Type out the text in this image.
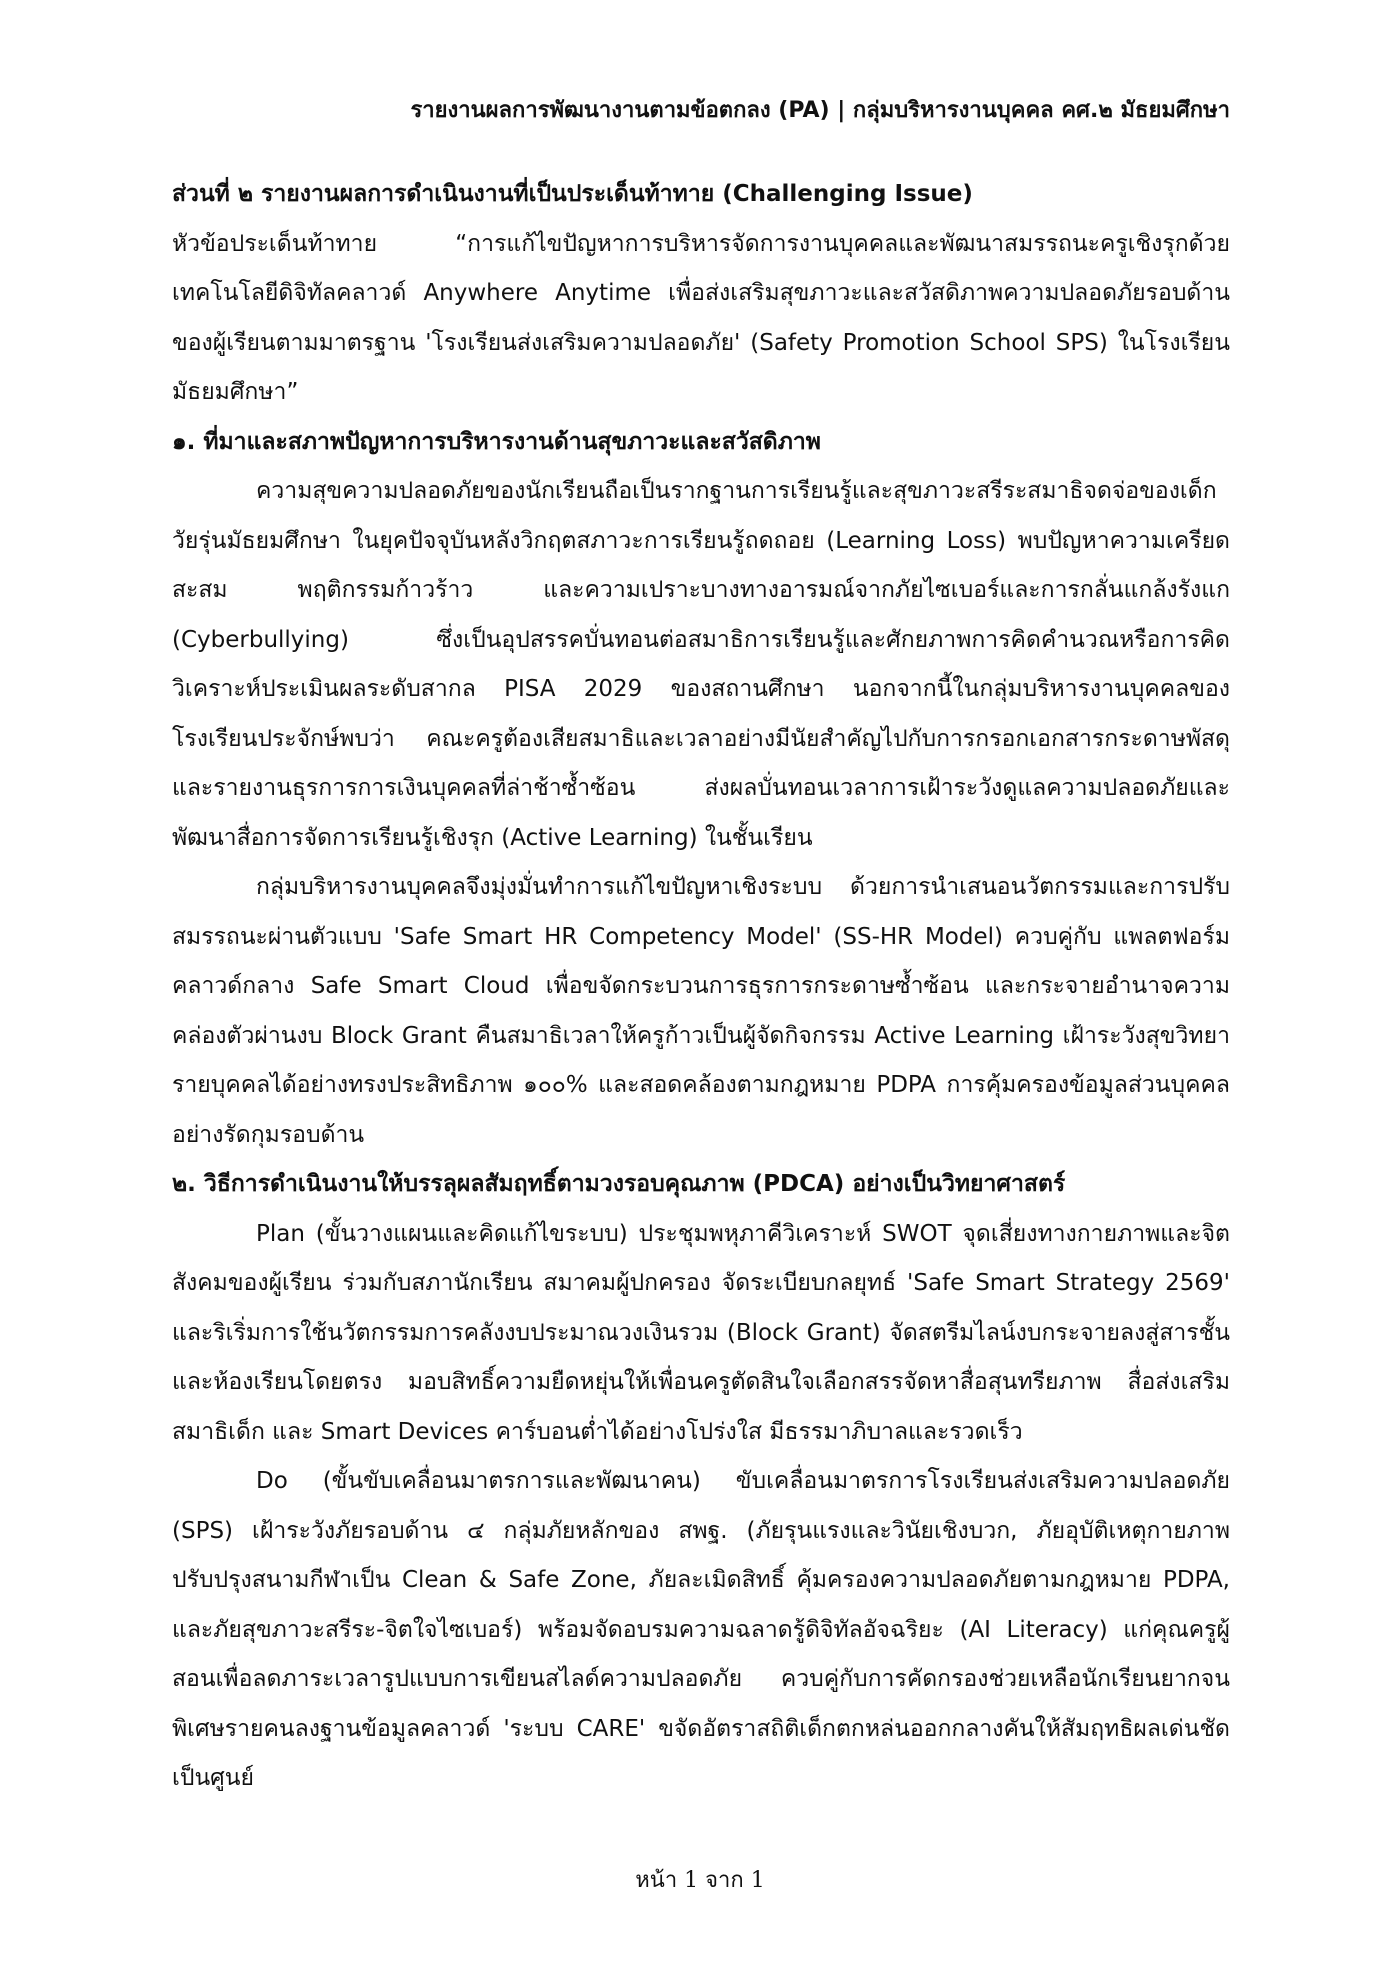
รายงานผลการพัฒนางานตามข้อตกลง (PA) | กลุ่มบริหารงานบุคคล คศ.๒ มัธยมศึกษา

ส่วนที่ ๒ รายงานผลการดำเนินงานที่เป็นประเด็นท้าทาย (Challenging Issue)

หัวข้อประเด็นท้าทาย “การแก้ไขปัญหาการบริหารจัดการงานบุคคลและพัฒนาสมรรถนะครูเชิงรุกด้วยเทคโนโลยีดิจิทัลคลาวด์ Anywhere Anytime เพื่อส่งเสริมสุขภาวะและสวัสดิภาพความปลอดภัยรอบด้านของผู้เรียนตามมาตรฐาน 'โรงเรียนส่งเสริมความปลอดภัย' (Safety Promotion School SPS) ในโรงเรียนมัธยมศึกษา”

๑. ที่มาและสภาพปัญหาการบริหารงานด้านสุขภาวะและสวัสดิภาพ

ความสุขความปลอดภัยของนักเรียนถือเป็นรากฐานการเรียนรู้และสุขภาวะสรีระสมาธิจดจ่อของเด็กวัยรุ่นมัธยมศึกษา ในยุคปัจจุบันหลังวิกฤตสภาวะการเรียนรู้ถดถอย (Learning Loss) พบปัญหาความเครียดสะสม พฤติกรรมก้าวร้าว และความเปราะบางทางอารมณ์จากภัยไซเบอร์และการกลั่นแกล้งรังแก (Cyberbullying) ซึ่งเป็นอุปสรรคบั่นทอนต่อสมาธิการเรียนรู้และศักยภาพการคิดคำนวณหรือการคิดวิเคราะห์ประเมินผลระดับสากล PISA 2029 ของสถานศึกษา นอกจากนี้ในกลุ่มบริหารงานบุคคลของโรงเรียนประจักษ์พบว่า คณะครูต้องเสียสมาธิและเวลาอย่างมีนัยสำคัญไปกับการกรอกเอกสารกระดาษพัสดุและรายงานธุรการการเงินบุคคลที่ล่าช้าซ้ำซ้อน ส่งผลบั่นทอนเวลาการเฝ้าระวังดูแลความปลอดภัยและพัฒนาสื่อการจัดการเรียนรู้เชิงรุก (Active Learning) ในชั้นเรียน

กลุ่มบริหารงานบุคคลจึงมุ่งมั่นทำการแก้ไขปัญหาเชิงระบบ ด้วยการนำเสนอนวัตกรรมและการปรับสมรรถนะผ่านตัวแบบ 'Safe Smart HR Competency Model' (SS-HR Model) ควบคู่กับ แพลตฟอร์มคลาวด์กลาง Safe Smart Cloud เพื่อขจัดกระบวนการธุรการกระดาษซ้ำซ้อน และกระจายอำนาจความคล่องตัวผ่านงบ Block Grant คืนสมาธิเวลาให้ครูก้าวเป็นผู้จัดกิจกรรม Active Learning เฝ้าระวังสุขวิทยารายบุคคลได้อย่างทรงประสิทธิภาพ ๑๐๐% และสอดคล้องตามกฎหมาย PDPA การคุ้มครองข้อมูลส่วนบุคคลอย่างรัดกุมรอบด้าน

๒. วิธีการดำเนินงานให้บรรลุผลสัมฤทธิ์ตามวงรอบคุณภาพ (PDCA) อย่างเป็นวิทยาศาสตร์

Plan (ขั้นวางแผนและคิดแก้ไขระบบ) ประชุมพหุภาคีวิเคราะห์ SWOT จุดเสี่ยงทางกายภาพและจิตสังคมของผู้เรียน ร่วมกับสภานักเรียน สมาคมผู้ปกครอง จัดระเบียบกลยุทธ์ 'Safe Smart Strategy 2569' และริเริ่มการใช้นวัตกรรมการคลังงบประมาณวงเงินรวม (Block Grant) จัดสตรีมไลน์งบกระจายลงสู่สารชั้นและห้องเรียนโดยตรง มอบสิทธิ์ความยืดหยุ่นให้เพื่อนครูตัดสินใจเลือกสรรจัดหาสื่อสุนทรียภาพ สื่อส่งเสริมสมาธิเด็ก และ Smart Devices คาร์บอนต่ำได้อย่างโปร่งใส มีธรรมาภิบาลและรวดเร็ว

Do (ขั้นขับเคลื่อนมาตรการและพัฒนาคน) ขับเคลื่อนมาตรการโรงเรียนส่งเสริมความปลอดภัย (SPS) เฝ้าระวังภัยรอบด้าน ๔ กลุ่มภัยหลักของ สพฐ. (ภัยรุนแรงและวินัยเชิงบวก, ภัยอุบัติเหตุกายภาพปรับปรุงสนามกีฬาเป็น Clean & Safe Zone, ภัยละเมิดสิทธิ์ คุ้มครองความปลอดภัยตามกฎหมาย PDPA, และภัยสุขภาวะสรีระ-จิตใจไซเบอร์) พร้อมจัดอบรมความฉลาดรู้ดิจิทัลอัจฉริยะ (AI Literacy) แก่คุณครูผู้สอนเพื่อลดภาระเวลารูปแบบการเขียนสไลด์ความปลอดภัย ควบคู่กับการคัดกรองช่วยเหลือนักเรียนยากจนพิเศษรายคนลงฐานข้อมูลคลาวด์ 'ระบบ CARE' ขจัดอัตราสถิติเด็กตกหล่นออกกลางคันให้สัมฤทธิผลเด่นชัดเป็นศูนย์

หน้า 1 จาก 1
